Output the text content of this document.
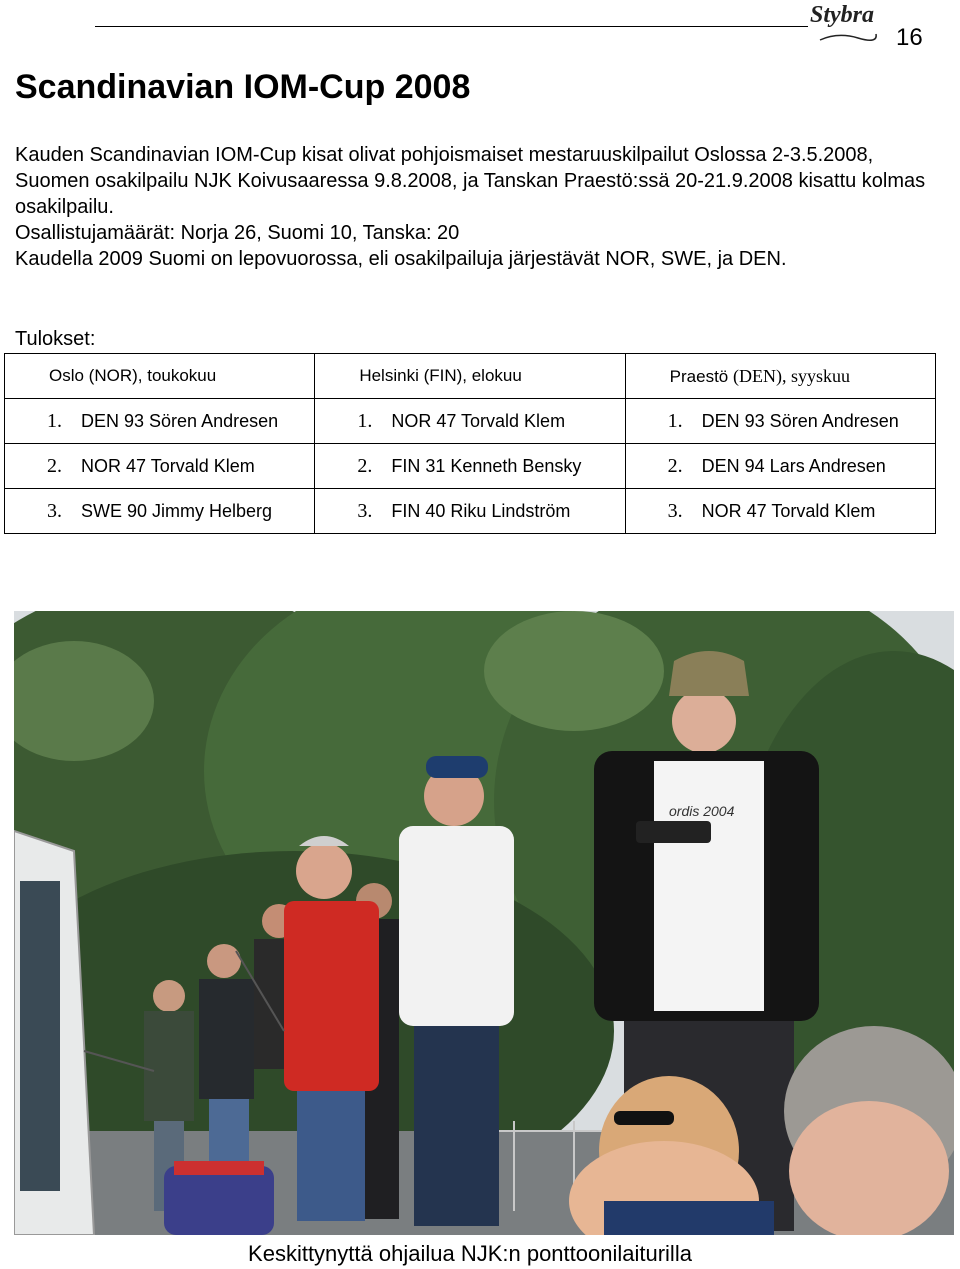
Stybra
16
Scandinavian IOM-Cup 2008

Kauden Scandinavian IOM-Cup kisat olivat pohjoismaiset mestaruuskilpailut Oslossa 2-3.5.2008, Suomen osakilpailu NJK Koivusaaressa 9.8.2008, ja Tanskan Praestö:ssä 20-21.9.2008 kisattu kolmas osakilpailu.

Osallistujamäärät: Norja 26, Suomi 10, Tanska: 20

Kaudella 2009 Suomi on lepovuorossa, eli osakilpailuja järjestävät NOR, SWE, ja DEN.

Tulokset:
Oslo (NOR), toukokuu	Helsinki (FIN), elokuu	Praestö (DEN), syyskuu
1. DEN 93 Sören Andresen	1. NOR 47 Torvald Klem	1. DEN 93 Sören Andresen
2. NOR 47 Torvald Klem	2. FIN 31 Kenneth Bensky	2. DEN 94 Lars Andresen
3. SWE 90 Jimmy Helberg	3. FIN 40 Riku Lindström	3. NOR 47 Torvald Klem
ordis 2004
Keskittynyttä ohjailua NJK:n ponttoonilaiturilla
